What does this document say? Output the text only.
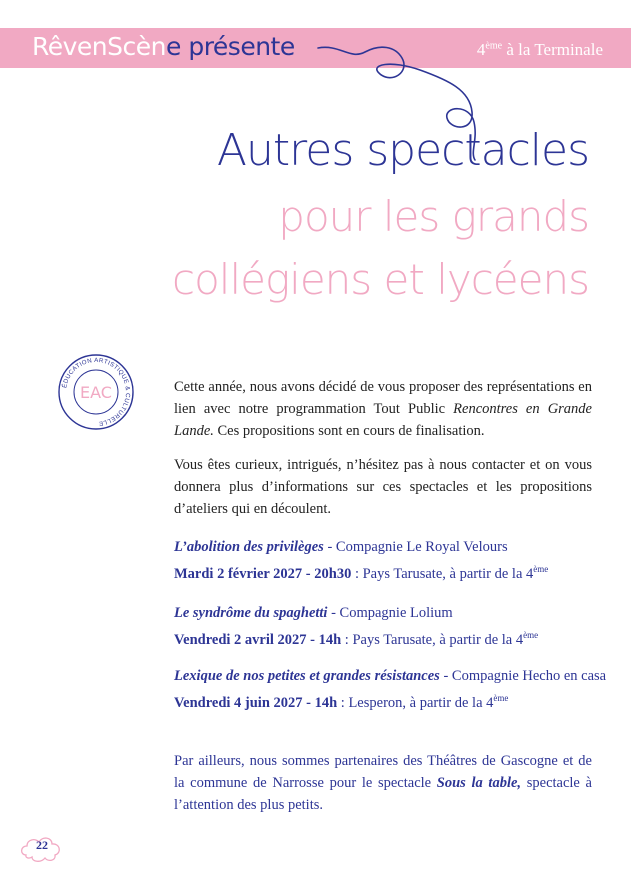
RêvenScène présente	4ème à la Terminale
Autres spectacles
pour les grands
collégiens et lycéens
ÉDUCATION ARTISTIQUE & CULTURELLE
EAC	Cette année, nous avons décidé de vous proposer des représentations en lien avec notre programmation Tout Public Rencontres en Grande Lande. Ces propositions sont en cours de finalisation.
Vous êtes curieux, intrigués, n’hésitez pas à nous contacter et on vous donnera plus d’informations sur ces spectacles et les propositions d’ateliers qui en découlent.
L’abolition des privilèges - Compagnie Le Royal Velours
Mardi 2 février 2027 - 20h30 : Pays Tarusate, à partir de la 4ème
Le syndrôme du spaghetti - Compagnie Lolium
Vendredi 2 avril 2027 - 14h : Pays Tarusate, à partir de la 4ème
Lexique de nos petites et grandes résistances - Compagnie Hecho en casa
Vendredi 4 juin 2027 - 14h : Lesperon, à partir de la 4ème
Par ailleurs, nous sommes partenaires des Théâtres de Gascogne et de la commune de Narrosse pour le spectacle Sous la table, spectacle à l’attention des plus petits.
22
